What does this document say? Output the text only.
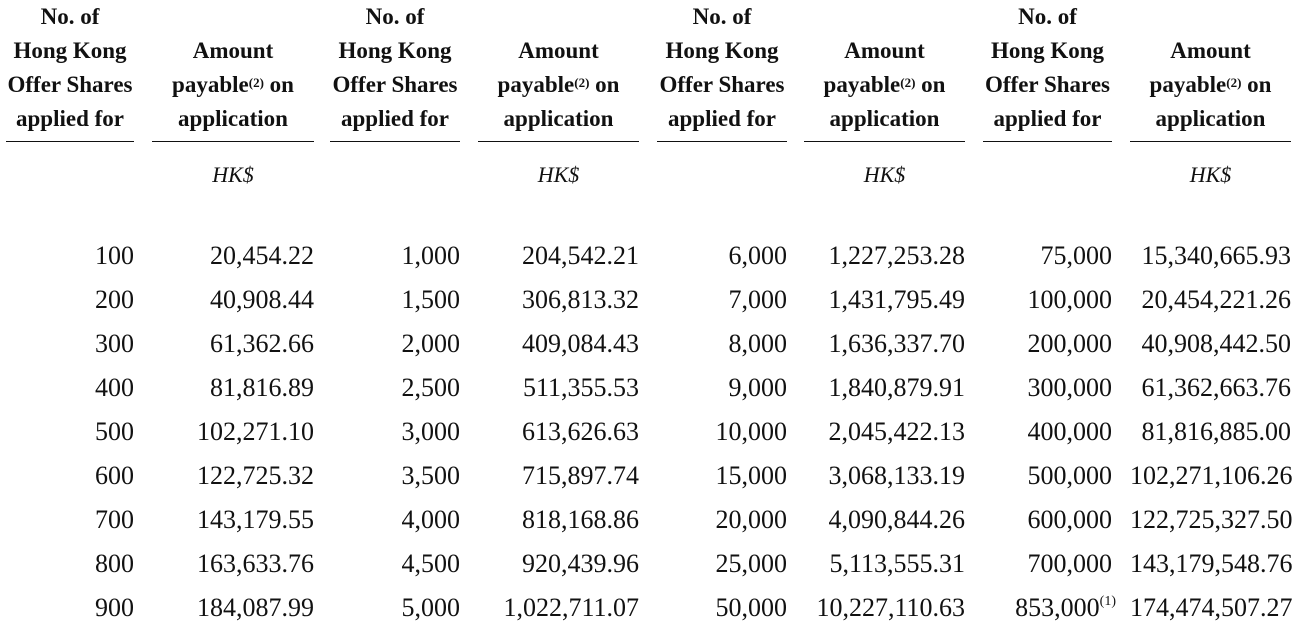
No. of
Hong Kong
Offer Shares
applied for
100
200
300
400
500
600
700
800
900
HK$
Amount
payable$^{(2)}$ on
application
20,454.22
40,908.44
61,362.66
81,816.89
102,271.10
122,725.32
143,179.55
163,633.76
184,087.99
No. of
Hong Kong
Offer Shares
applied for
1,000
1,500
2,000
2,500
3,000
3,500
4,000
4,500
5,000
HK$
Amount
payable$^{(2)}$ on
application
204,542.21
306,813.32
409,084.43
511,355.53
613,626.63
715,897.74
818,168.86
920,439.96
1,022,711.07
No. of
Hong Kong
Offer Shares
applied for
6,000
7,000
8,000
9,000
10,000
15,000
20,000
25,000
50,000
HK$
Amount
payable$^{(2)}$ on
application
1,227,253.28
1,431,795.49
1,636,337.70
1,840,879.91
2,045,422.13
3,068,133.19
4,090,844.26
5,113,555.31
10,227,110.63
No. of
Hong Kong
Offer Shares
applied for
75,000
100,000
200,000
300,000
400,000
500,000
600,000
700,000
853,000$^{(1)}$
HK$
Amount
payable$^{(2)}$ on
application
15,340,665.93
20,454,221.26
40,908,442.50
61,362,663.76
81,816,885.00
102,271,106.26
122,725,327.50
143,179,548.76
174,474,507.27
